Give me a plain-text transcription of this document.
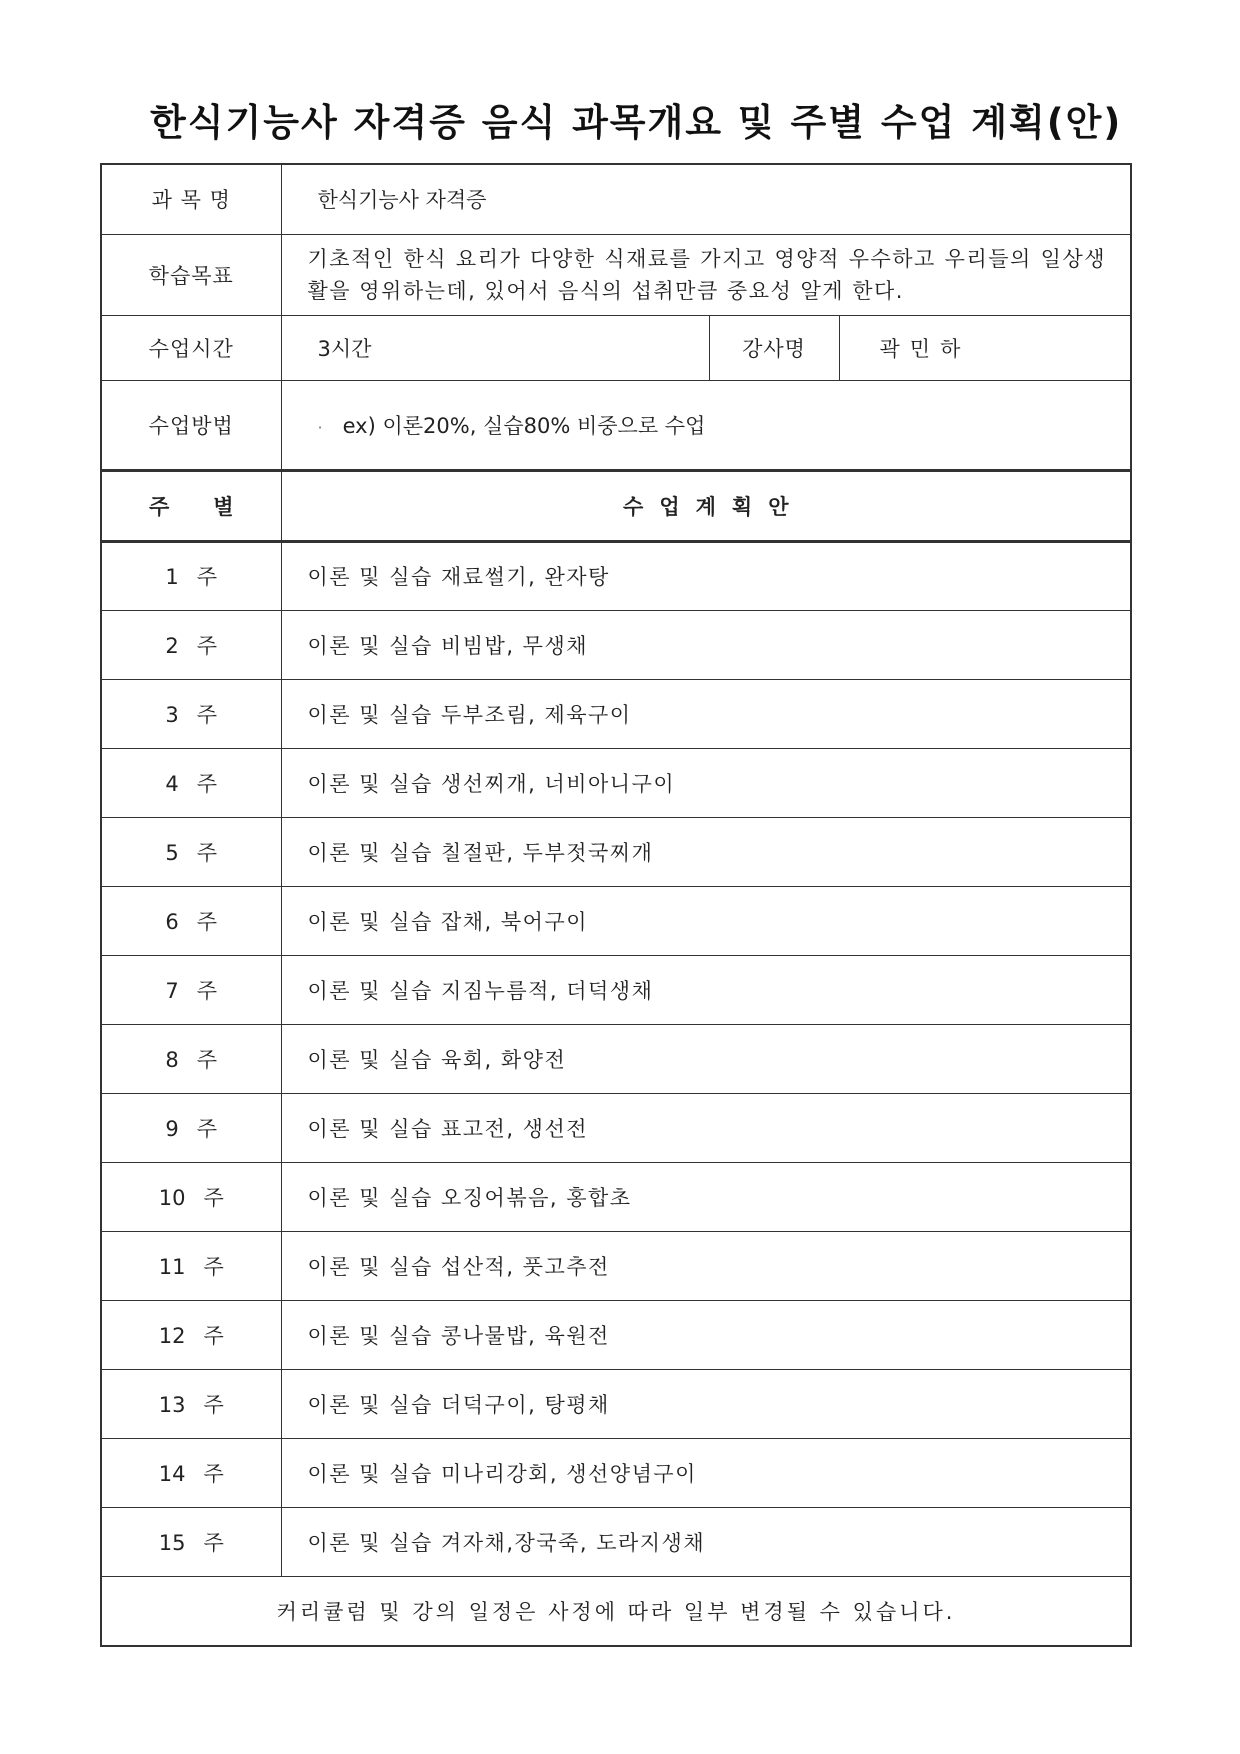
한식기능사 자격증 음식 과목개요 및 주별 수업 계획(안)
과 목 명	한식기능사 자격증		
학습목표	기초적인 한식 요리가 다양한 식재료를 가지고 영양적 우수하고 우리들의 일상생활을 영위하는데, 있어서 음식의 섭취만큼 중요성 알게 한다.		
수업시간	3시간	강사명	곽민하
수업방법	· ex) 이론20%, 실습80% 비중으로 수업		
주별	수업계획안		
1 주	이론 및 실습 재료썰기, 완자탕		
2 주	이론 및 실습 비빔밥, 무생채		
3 주	이론 및 실습 두부조림, 제육구이		
4 주	이론 및 실습 생선찌개, 너비아니구이		
5 주	이론 및 실습 칠절판, 두부젓국찌개		
6 주	이론 및 실습 잡채, 북어구이		
7 주	이론 및 실습 지짐누름적, 더덕생채		
8 주	이론 및 실습 육회, 화양전		
9 주	이론 및 실습 표고전, 생선전		
10 주	이론 및 실습 오징어볶음, 홍합초		
11 주	이론 및 실습 섭산적, 풋고추전		
12 주	이론 및 실습 콩나물밥, 육원전		
13 주	이론 및 실습 더덕구이, 탕평채		
14 주	이론 및 실습 미나리강회, 생선양념구이		
15 주	이론 및 실습 겨자채,장국죽, 도라지생채		
커리큘럼 및 강의 일정은 사정에 따라 일부 변경될 수 있습니다.			
